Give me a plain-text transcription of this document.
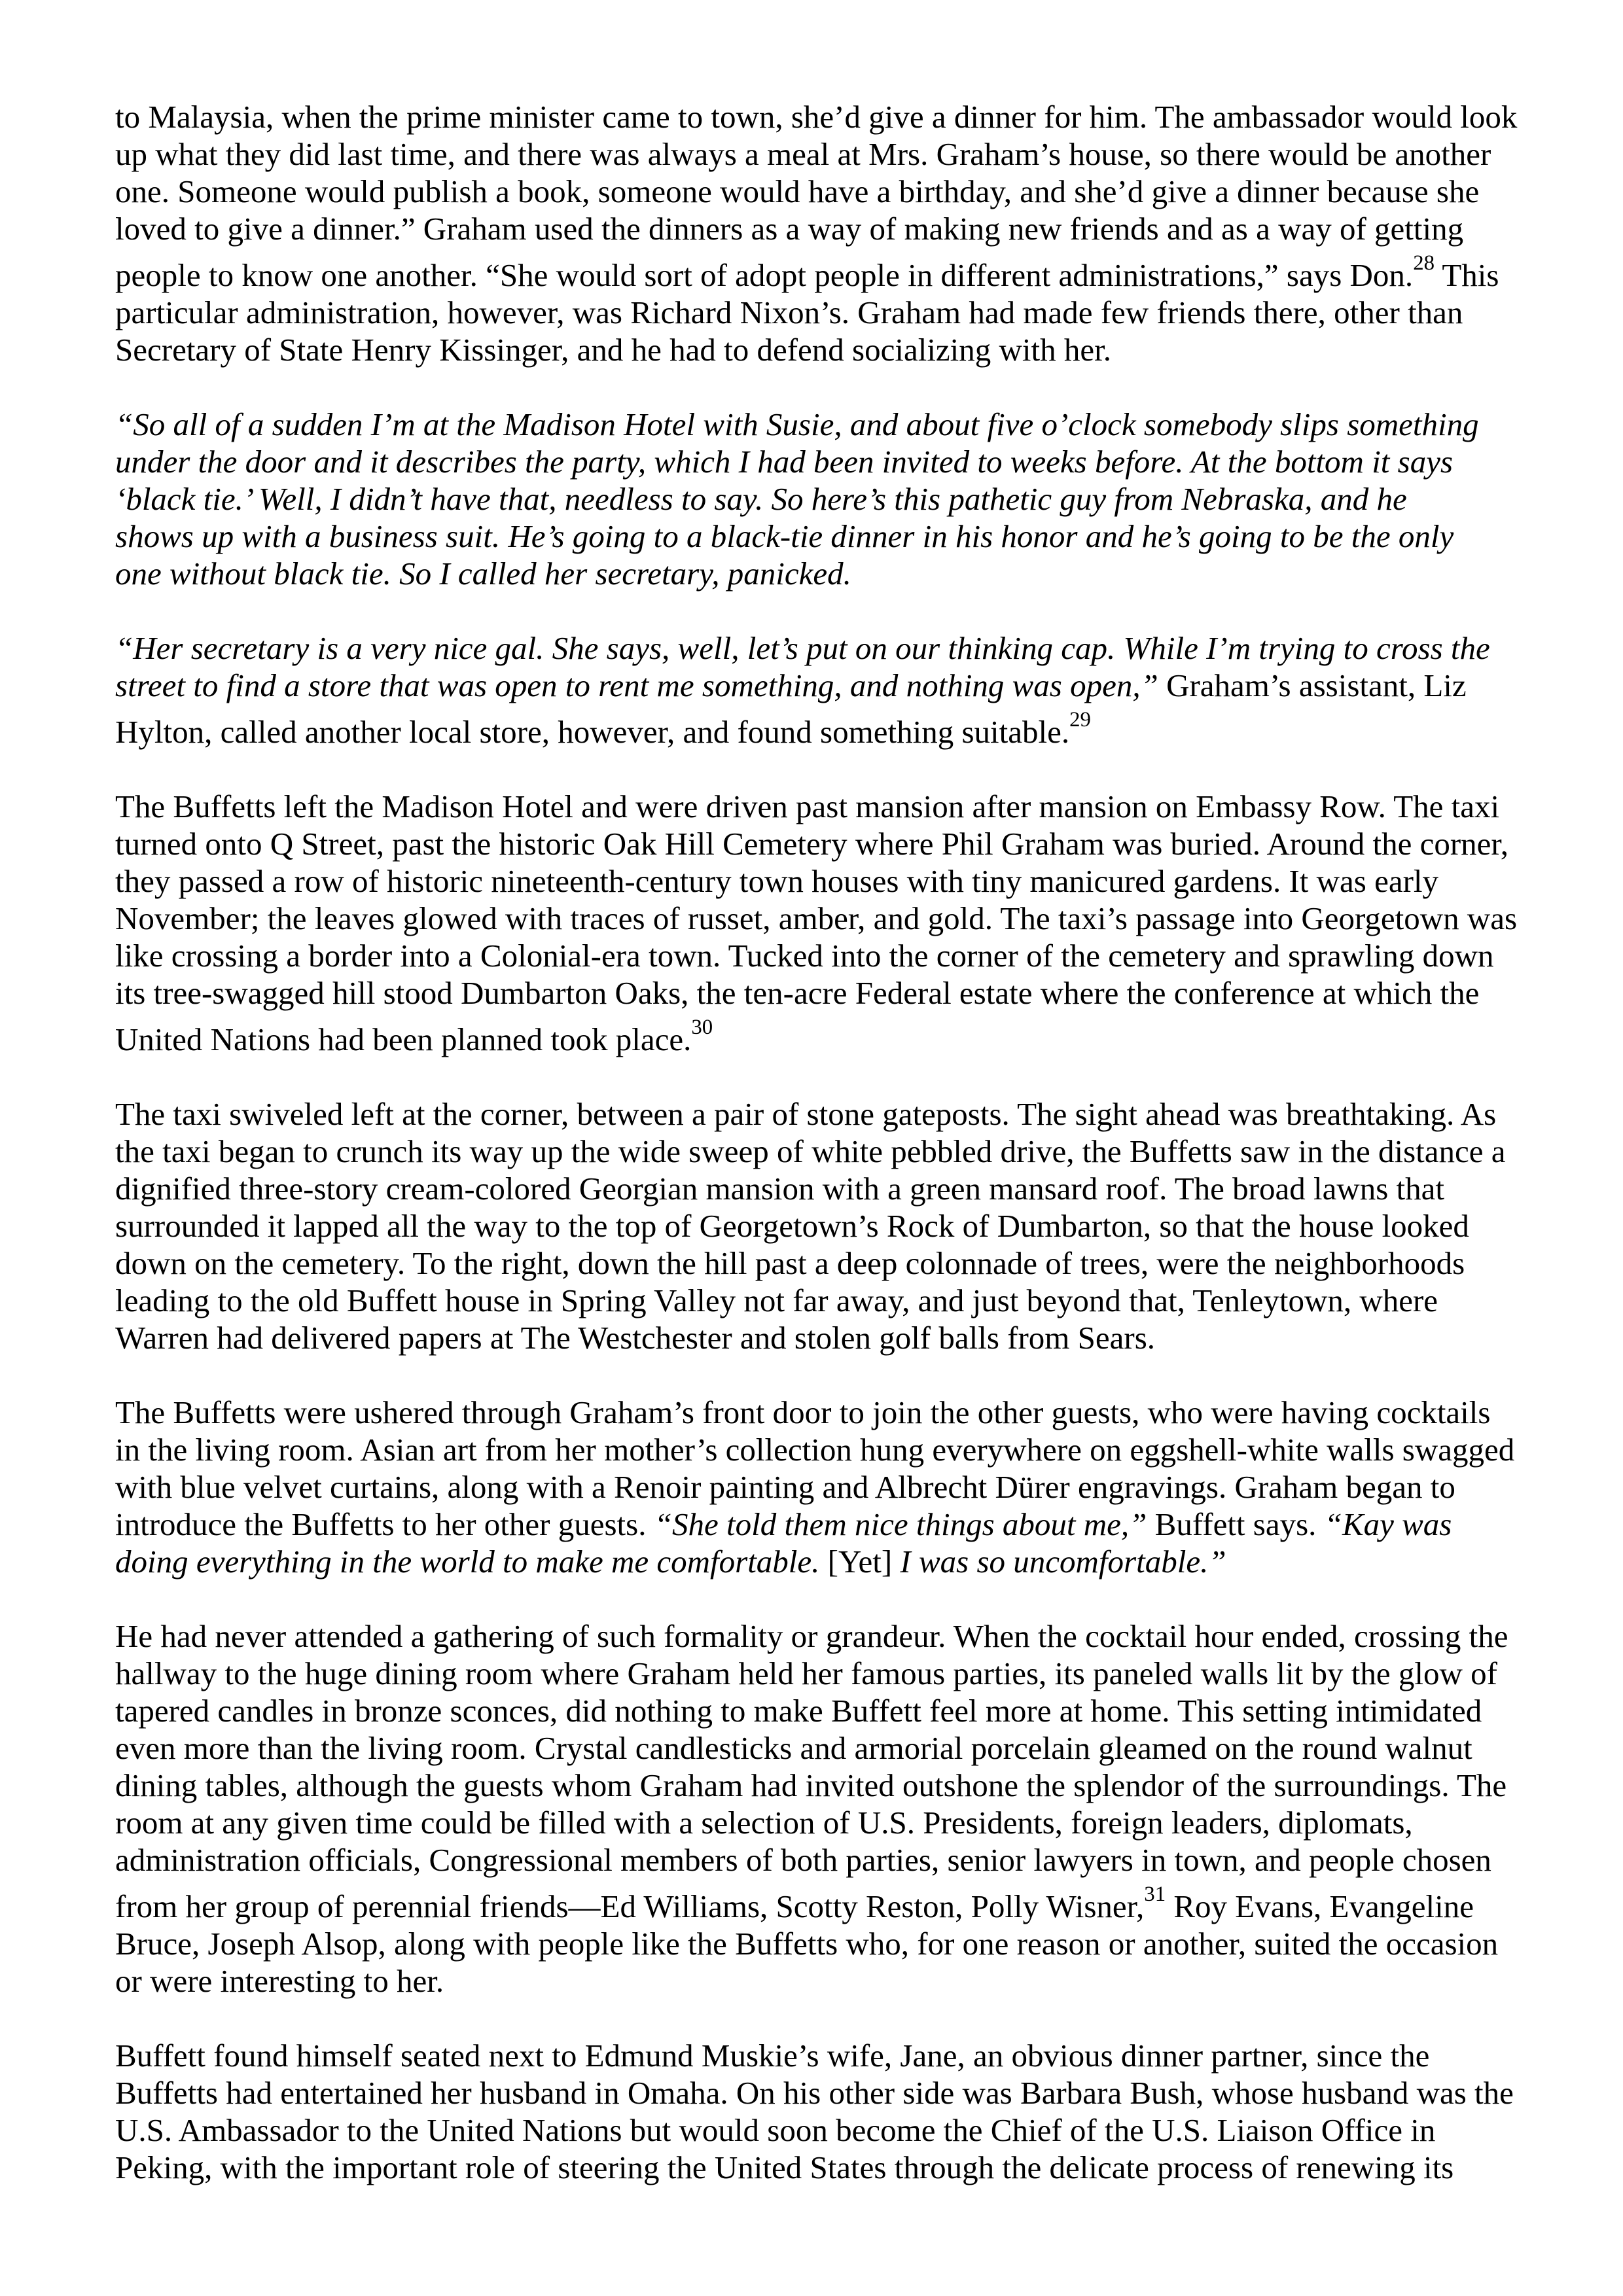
to Malaysia, when the prime minister came to town, she’d give a dinner for him. The ambassador would look
up what they did last time, and there was always a meal at Mrs. Graham’s house, so there would be another
one. Someone would publish a book, someone would have a birthday, and she’d give a dinner because she
loved to give a dinner.” Graham used the dinners as a way of making new friends and as a way of getting
people to know one another. “She would sort of adopt people in different administrations,” says Don.$^{28}$ This
particular administration, however, was Richard Nixon’s. Graham had made few friends there, other than
Secretary of State Henry Kissinger, and he had to defend socializing with her.

“So all of a sudden I’m at the Madison Hotel with Susie, and about five o’clock somebody slips something
under the door and it describes the party, which I had been invited to weeks before. At the bottom it says
‘black tie.’ Well, I didn’t have that, needless to say. So here’s this pathetic guy from Nebraska, and he
shows up with a business suit. He’s going to a black-tie dinner in his honor and he’s going to be the only
one without black tie. So I called her secretary, panicked.

“Her secretary is a very nice gal. She says, well, let’s put on our thinking cap. While I’m trying to cross the
street to find a store that was open to rent me something, and nothing was open,” Graham’s assistant, Liz
Hylton, called another local store, however, and found something suitable.$^{29}$

The Buffetts left the Madison Hotel and were driven past mansion after mansion on Embassy Row. The taxi
turned onto Q Street, past the historic Oak Hill Cemetery where Phil Graham was buried. Around the corner,
they passed a row of historic nineteenth-century town houses with tiny manicured gardens. It was early
November; the leaves glowed with traces of russet, amber, and gold. The taxi’s passage into Georgetown was
like crossing a border into a Colonial-era town. Tucked into the corner of the cemetery and sprawling down
its tree-swagged hill stood Dumbarton Oaks, the ten-acre Federal estate where the conference at which the
United Nations had been planned took place.$^{30}$

The taxi swiveled left at the corner, between a pair of stone gateposts. The sight ahead was breathtaking. As
the taxi began to crunch its way up the wide sweep of white pebbled drive, the Buffetts saw in the distance a
dignified three-story cream-colored Georgian mansion with a green mansard roof. The broad lawns that
surrounded it lapped all the way to the top of Georgetown’s Rock of Dumbarton, so that the house looked
down on the cemetery. To the right, down the hill past a deep colonnade of trees, were the neighborhoods
leading to the old Buffett house in Spring Valley not far away, and just beyond that, Tenleytown, where
Warren had delivered papers at The Westchester and stolen golf balls from Sears.

The Buffetts were ushered through Graham’s front door to join the other guests, who were having cocktails
in the living room. Asian art from her mother’s collection hung everywhere on eggshell-white walls swagged
with blue velvet curtains, along with a Renoir painting and Albrecht Dürer engravings. Graham began to
introduce the Buffetts to her other guests. “She told them nice things about me,” Buffett says. “Kay was
doing everything in the world to make me comfortable. [Yet] I was so uncomfortable.”

He had never attended a gathering of such formality or grandeur. When the cocktail hour ended, crossing the
hallway to the huge dining room where Graham held her famous parties, its paneled walls lit by the glow of
tapered candles in bronze sconces, did nothing to make Buffett feel more at home. This setting intimidated
even more than the living room. Crystal candlesticks and armorial porcelain gleamed on the round walnut
dining tables, although the guests whom Graham had invited outshone the splendor of the surroundings. The
room at any given time could be filled with a selection of U.S. Presidents, foreign leaders, diplomats,
administration officials, Congressional members of both parties, senior lawyers in town, and people chosen
from her group of perennial friends—Ed Williams, Scotty Reston, Polly Wisner,$^{31}$ Roy Evans, Evangeline
Bruce, Joseph Alsop, along with people like the Buffetts who, for one reason or another, suited the occasion
or were interesting to her.

Buffett found himself seated next to Edmund Muskie’s wife, Jane, an obvious dinner partner, since the
Buffetts had entertained her husband in Omaha. On his other side was Barbara Bush, whose husband was the
U.S. Ambassador to the United Nations but would soon become the Chief of the U.S. Liaison Office in
Peking, with the important role of steering the United States through the delicate process of renewing its
